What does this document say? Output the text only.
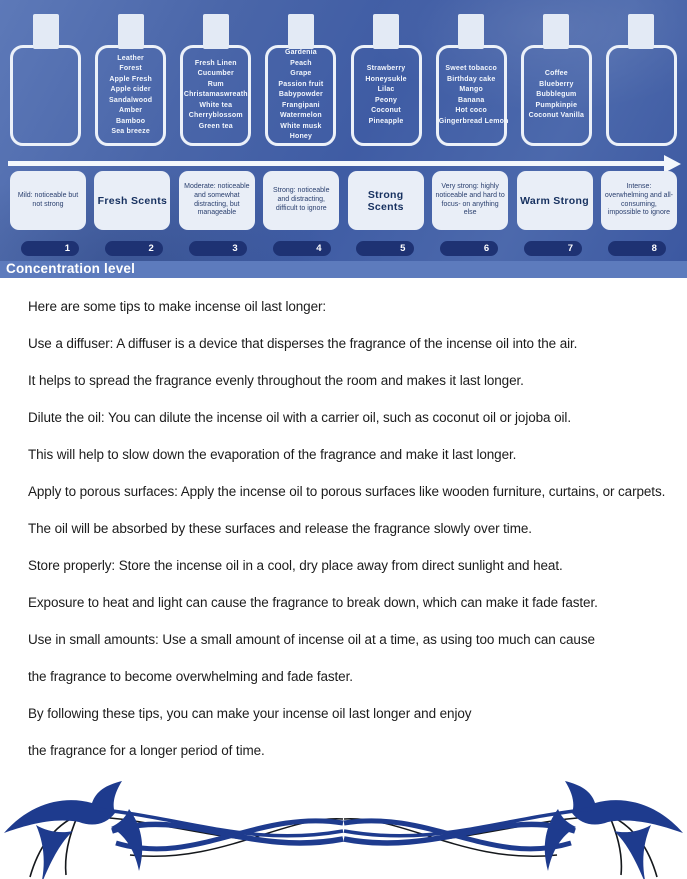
Leather
Forest
Apple Fresh
Apple cider
Sandalwood
Amber
Bamboo
Sea breeze
Fresh Linen
Cucumber
Rum
Christamaswreath
White tea
Cherryblossom
Green tea
Gardenia
Peach
Grape
Passion fruit
Babypowder
Frangipani
Watermelon
White musk
Honey
Strawberry
Honeysukle
Lilac
Peony
Coconut
Pineapple
Sweet tobacco
Birthday cake
Mango
Banana
Hot coco
Gingerbread Lemon
Coffee
Blueberry
Bubblegum
Pumpkinpie
Coconut Vanilla
Mild: noticeable but not strong	Fresh Scents
Moderate: noticeable and somewhat distracting, but manageable
Strong: noticeable and distracting, difficult to ignore
Strong Scents
Very strong: highly noticeable and hard to focus- on anything else
Warm Strong
Intense: overwhelming and all-consuming, impossible to ignore
1	2	3	4	5	6	7	8
Concentration level

Here are some tips to make incense oil last longer:

Use a diffuser: A diffuser is a device that disperses the fragrance of the incense oil into the air.

It helps to spread the fragrance evenly throughout the room and makes it last longer.

Dilute the oil: You can dilute the incense oil with a carrier oil, such as coconut oil or jojoba oil.

This will help to slow down the evaporation of the fragrance and make it last longer.

Apply to porous surfaces: Apply the incense oil to porous surfaces like wooden furniture, curtains, or carpets.

The oil will be absorbed by these surfaces and release the fragrance slowly over time.

Store properly: Store the incense oil in a cool, dry place away from direct sunlight and heat.

Exposure to heat and light can cause the fragrance to break down, which can make it fade faster.

Use in small amounts: Use a small amount of incense oil at a time, as using too much can cause

the fragrance to become overwhelming and fade faster.

By following these tips, you can make your incense oil last longer and enjoy

the fragrance for a longer period of time.
